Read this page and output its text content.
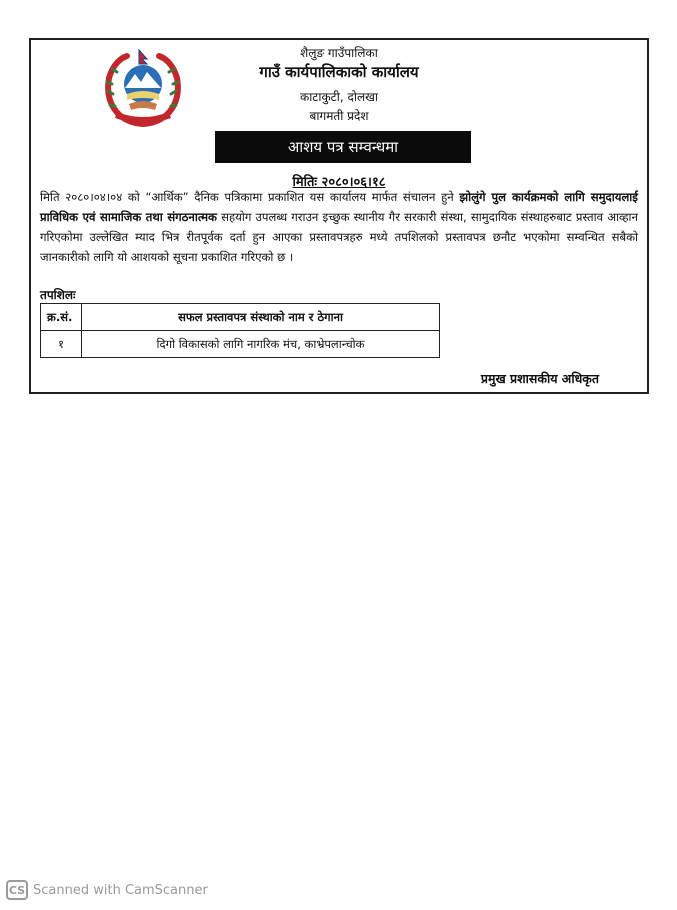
शैलुङ गाउँपालिका
गाउँ कार्यपालिकाको कार्यालय
काटाकुटी, दोलखा
बागमती प्रदेश
आशय पत्र सम्वन्धमा
मितिः २०८०।०६।१८
मिति २०८०।०४।०४ को “आर्थिक” दैनिक पत्रिकामा प्रकाशित यस कार्यालय मार्फत संचालन हुने झोलुंगे पुल कार्यक्रमको लागि समुदायलाई प्राविधिक एवं सामाजिक तथा संगठनात्मक सहयोग उपलब्ध गराउन इच्छुक स्थानीय गैर सरकारी संस्था, सामुदायिक संस्थाहरुबाट प्रस्ताव आव्हान गरिएकोमा उल्लेखित म्याद भित्र रीतपूर्वक दर्ता हुन आएका प्रस्तावपत्रहरु मध्ये तपशिलको प्रस्तावपत्र छनौट भएकोमा सम्वन्धित सबैको जानकारीको लागि यो आशयको सूचना प्रकाशित गरिएको छ ।
तपशिलः
क्र.सं.	सफल प्रस्तावपत्र संस्थाको नाम र ठेगाना
१	दिगो विकासको लागि नागरिक मंच, काभ्रेपलान्चोक
प्रमुख प्रशासकीय अधिकृत
CS Scanned with CamScanner
